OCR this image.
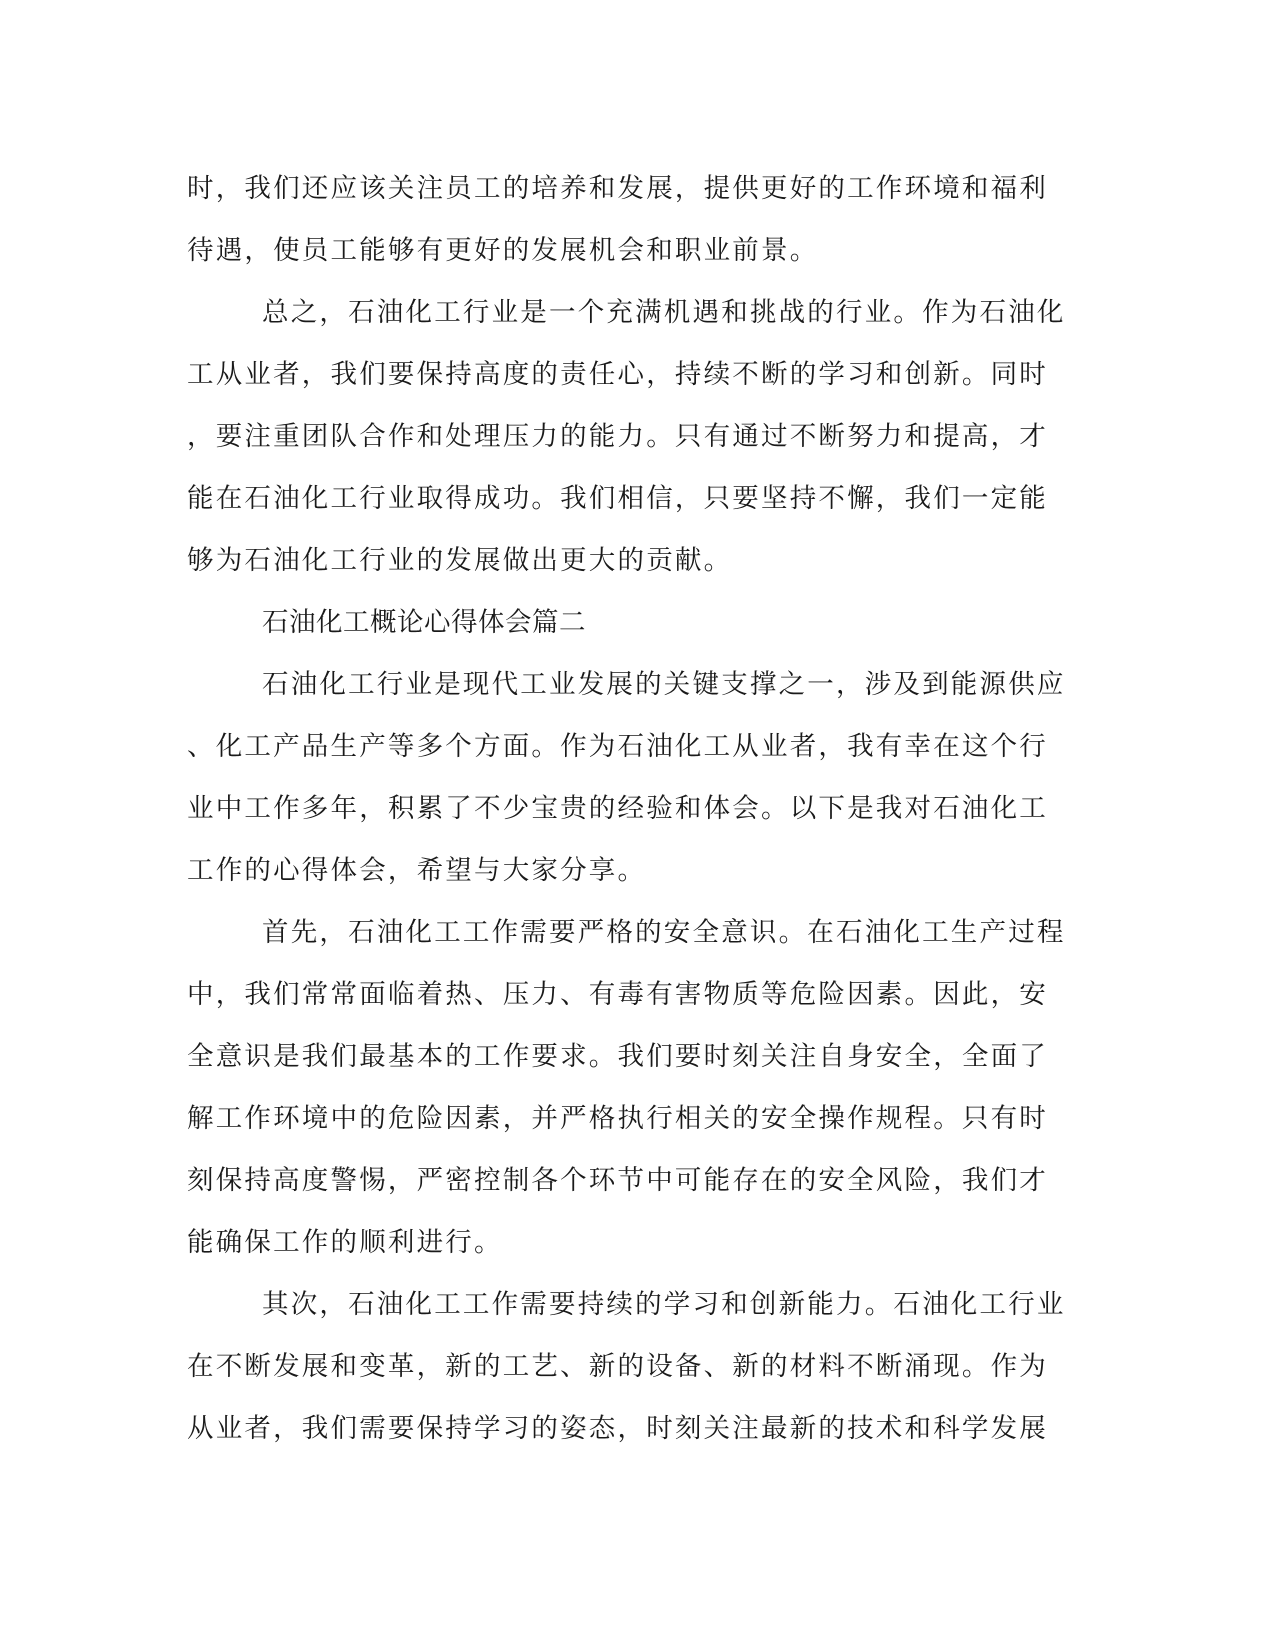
时，我们还应该关注员工的培养和发展，提供更好的工作环境和福利
待遇，使员工能够有更好的发展机会和职业前景。
总之，石油化工行业是一个充满机遇和挑战的行业。作为石油化
工从业者，我们要保持高度的责任心，持续不断的学习和创新。同时
，要注重团队合作和处理压力的能力。只有通过不断努力和提高，才
能在石油化工行业取得成功。我们相信，只要坚持不懈，我们一定能
够为石油化工行业的发展做出更大的贡献。
石油化工概论心得体会篇二
石油化工行业是现代工业发展的关键支撑之一，涉及到能源供应
、化工产品生产等多个方面。作为石油化工从业者，我有幸在这个行
业中工作多年，积累了不少宝贵的经验和体会。以下是我对石油化工
工作的心得体会，希望与大家分享。
首先，石油化工工作需要严格的安全意识。在石油化工生产过程
中，我们常常面临着热、压力、有毒有害物质等危险因素。因此，安
全意识是我们最基本的工作要求。我们要时刻关注自身安全，全面了
解工作环境中的危险因素，并严格执行相关的安全操作规程。只有时
刻保持高度警惕，严密控制各个环节中可能存在的安全风险，我们才
能确保工作的顺利进行。
其次，石油化工工作需要持续的学习和创新能力。石油化工行业
在不断发展和变革，新的工艺、新的设备、新的材料不断涌现。作为
从业者，我们需要保持学习的姿态，时刻关注最新的技术和科学发展
